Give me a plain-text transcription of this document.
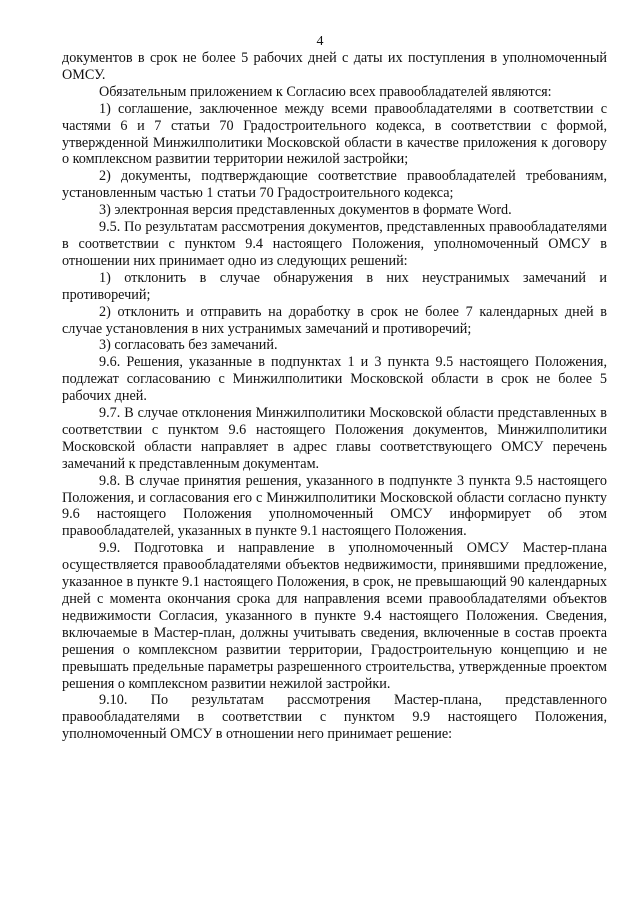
4

документов в срок не более 5 рабочих дней с даты их поступления в уполномоченный ОМСУ.

Обязательным приложением к Согласию всех правообладателей являются:

1) соглашение, заключенное между всеми правообладателями в соответствии с частями 6 и 7 статьи 70 Градостроительного кодекса, в соответствии с формой, утвержденной Минжилполитики Московской области в качестве приложения к договору о комплексном развитии территории нежилой застройки;

2) документы, подтверждающие соответствие правообладателей требованиям, установленным частью 1 статьи 70 Градостроительного кодекса;

3) электронная версия представленных документов в формате Word.

9.5. По результатам рассмотрения документов, представленных правообладателями в соответствии с пунктом 9.4 настоящего Положения, уполномоченный ОМСУ в отношении них принимает одно из следующих решений:

1) отклонить в случае обнаружения в них неустранимых замечаний и противоречий;

2) отклонить и отправить на доработку в срок не более 7 календарных дней в случае установления в них устранимых замечаний и противоречий;

3) согласовать без замечаний.

9.6. Решения, указанные в подпунктах 1 и 3 пункта 9.5 настоящего Положения, подлежат согласованию с Минжилполитики Московской области в срок не более 5 рабочих дней.

9.7. В случае отклонения Минжилполитики Московской области представленных в соответствии с пунктом 9.6 настоящего Положения документов, Минжилполитики Московской области направляет в адрес главы соответствующего ОМСУ перечень замечаний к представленным документам.

9.8. В случае принятия решения, указанного в подпункте 3 пункта 9.5 настоящего Положения, и согласования его с Минжилполитики Московской области согласно пункту 9.6 настоящего Положения уполномоченный ОМСУ информирует об этом правообладателей, указанных в пункте 9.1 настоящего Положения.

9.9. Подготовка и направление в уполномоченный ОМСУ Мастер-плана осуществляется правообладателями объектов недвижимости, принявшими предложение, указанное в пункте 9.1 настоящего Положения, в срок, не превышающий 90 календарных дней с момента окончания срока для направления всеми правообладателями объектов недвижимости Согласия, указанного в пункте 9.4 настоящего Положения. Сведения, включаемые в Мастер-план, должны учитывать сведения, включенные в состав проекта решения о комплексном развитии территории, Градостроительную концепцию и не превышать предельные параметры разрешенного строительства, утвержденные проектом решения о комплексном развитии нежилой застройки.

9.10. По результатам рассмотрения Мастер-плана, представленного правообладателями в соответствии с пунктом 9.9 настоящего Положения, уполномоченный ОМСУ в отношении него принимает решение:
